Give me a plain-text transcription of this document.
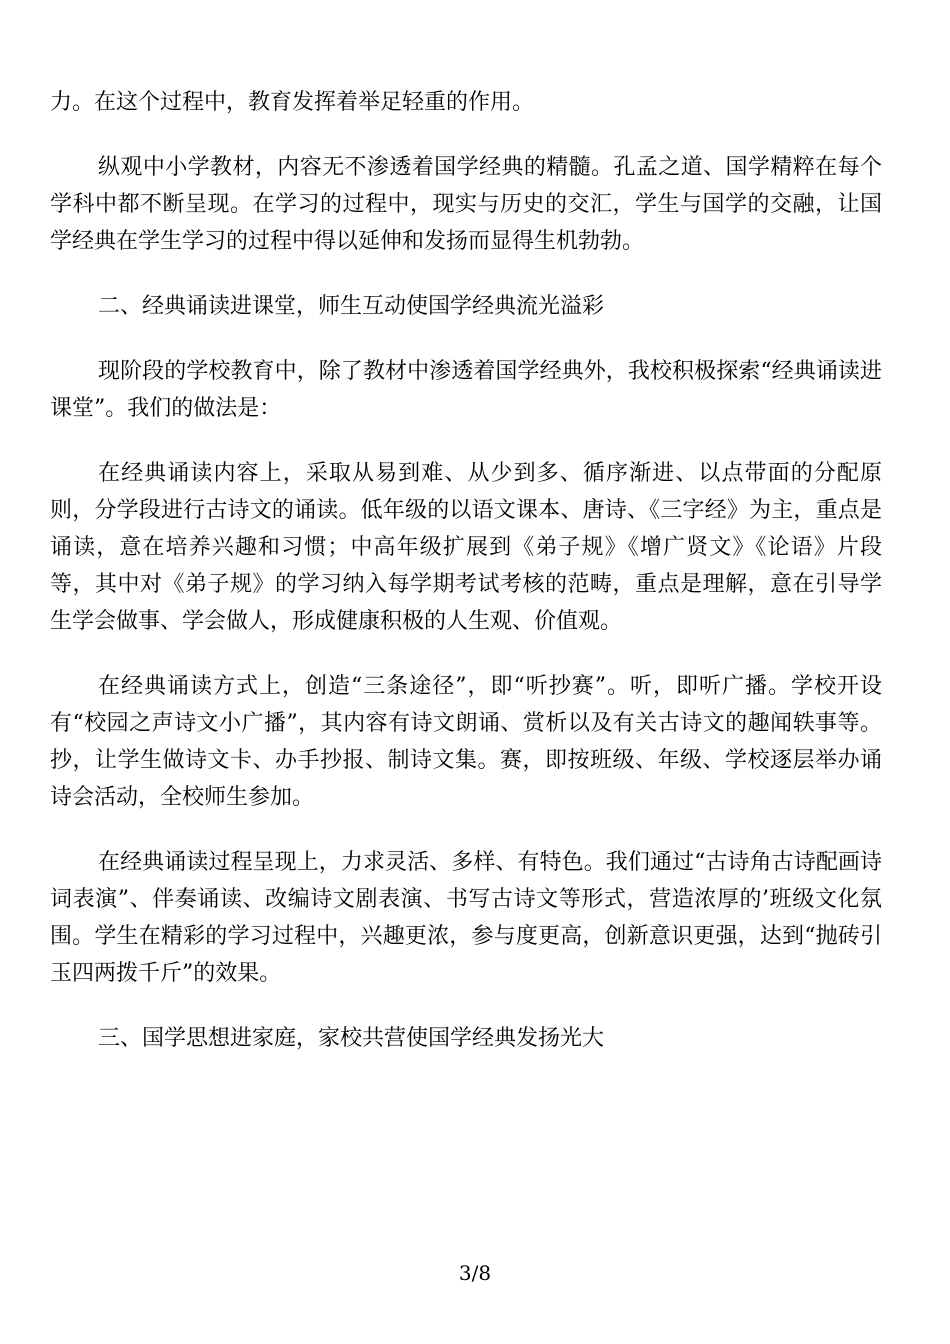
力。在这个过程中，教育发挥着举足轻重的作用。

纵观中小学教材，内容无不渗透着国学经典的精髓。孔孟之道、国学精粹在每个学科中都不断呈现。在学习的过程中，现实与历史的交汇，学生与国学的交融，让国学经典在学生学习的过程中得以延伸和发扬而显得生机勃勃。

二、经典诵读进课堂，师生互动使国学经典流光溢彩

现阶段的学校教育中，除了教材中渗透着国学经典外，我校积极探索“经典诵读进课堂”。我们的做法是：

在经典诵读内容上，采取从易到难、从少到多、循序渐进、以点带面的分配原则，分学段进行古诗文的诵读。低年级的以语文课本、唐诗、《三字经》为主，重点是诵读，意在培养兴趣和习惯；中高年级扩展到《弟子规》《增广贤文》《论语》片段等，其中对《弟子规》的学习纳入每学期考试考核的范畴，重点是理解，意在引导学生学会做事、学会做人，形成健康积极的人生观、价值观。

在经典诵读方式上，创造“三条途径”，即“听抄赛”。听，即听广播。学校开设有“校园之声诗文小广播”，其内容有诗文朗诵、赏析以及有关古诗文的趣闻轶事等。抄，让学生做诗文卡、办手抄报、制诗文集。赛，即按班级、年级、学校逐层举办诵诗会活动，全校师生参加。

在经典诵读过程呈现上，力求灵活、多样、有特色。我们通过“古诗角古诗配画诗词表演”、伴奏诵读、改编诗文剧表演、书写古诗文等形式，营造浓厚的’班级文化氛围。学生在精彩的学习过程中，兴趣更浓，参与度更高，创新意识更强，达到“抛砖引玉四两拨千斤”的效果。

三、国学思想进家庭，家校共营使国学经典发扬光大

3/8
